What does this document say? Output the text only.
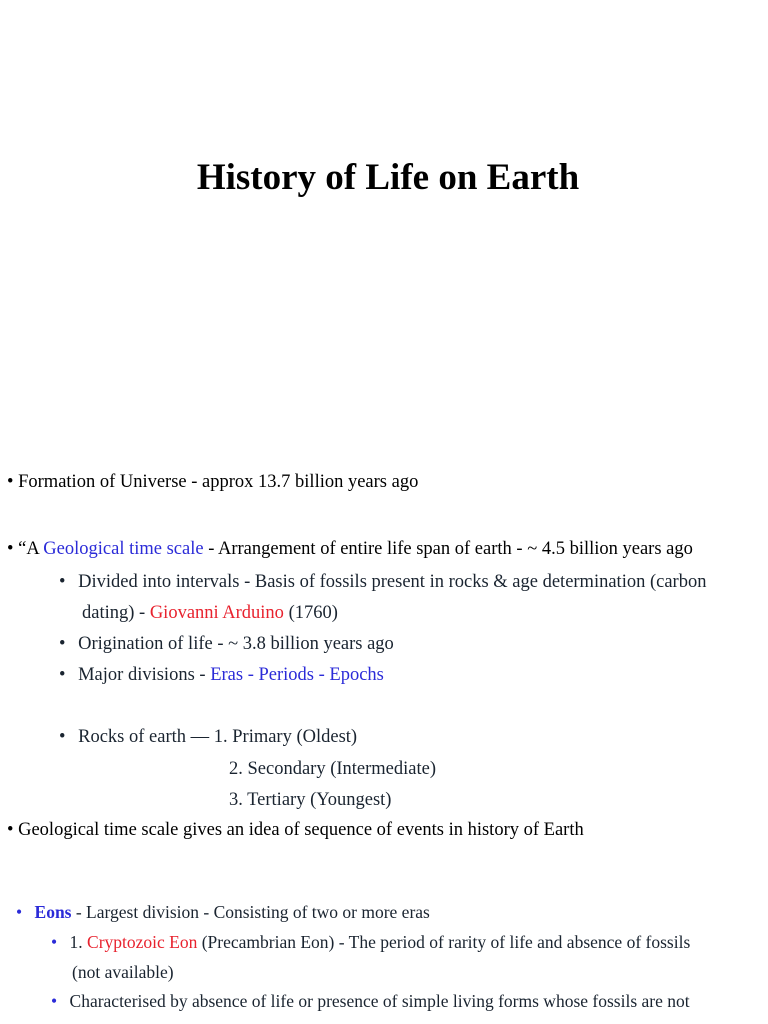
History of Life on Earth
• Formation of Universe - approx 13.7 billion years ago
• “A Geological time scale - Arrangement of entire life span of earth - ~ 4.5 billion years ago
• Divided into intervals - Basis of fossils present in rocks & age determination (carbon
dating) - Giovanni Arduino (1760)
• Origination of life - ~ 3.8 billion years ago
• Major divisions - Eras - Periods - Epochs
• Rocks of earth — 1. Primary (Oldest)
2. Secondary (Intermediate)
3. Tertiary (Youngest)
• Geological time scale gives an idea of sequence of events in history of Earth
• Eons - Largest division - Consisting of two or more eras
• 1. Cryptozoic Eon (Precambrian Eon) - The period of rarity of life and absence of fossils
(not available)
• Characterised by absence of life or presence of simple living forms whose fossils are not
